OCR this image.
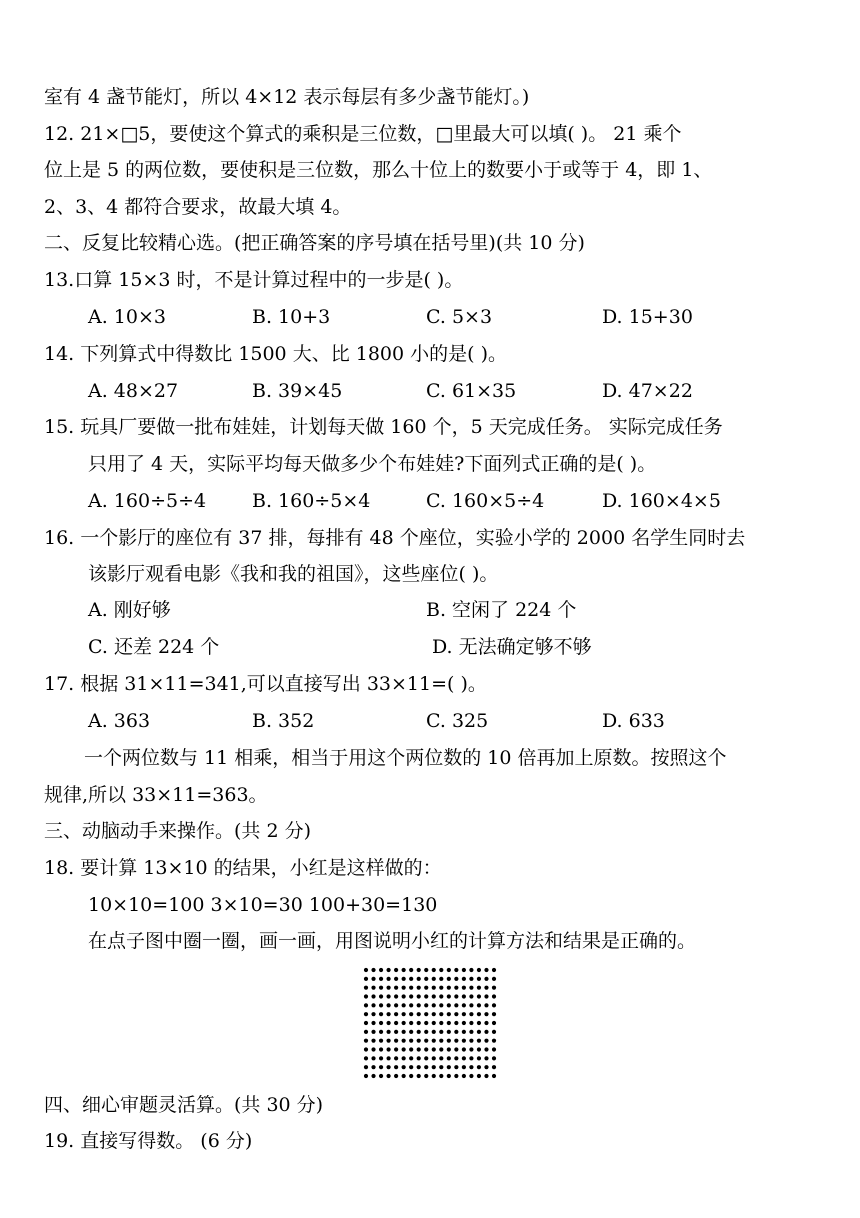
室有 4 盏节能灯，所以 4×12 表示每层有多少盏节能灯。)
12. 21×□5，要使这个算式的乘积是三位数，□里最大可以填( )。 21 乘个
位上是 5 的两位数，要使积是三位数，那么十位上的数要小于或等于 4，即 1、
2、3、4 都符合要求，故最大填 4。
二、反复比较精心选。(把正确答案的序号填在括号里)(共 10 分)
13.口算 15×3 时，不是计算过程中的一步是( )。
A. 10×3	B. 10+3	C. 5×3	D. 15+30
14. 下列算式中得数比 1500 大、比 1800 小的是( )。
A. 48×27	B. 39×45	C. 61×35	D. 47×22
15. 玩具厂要做一批布娃娃，计划每天做 160 个，5 天完成任务。 实际完成任务
只用了 4 天，实际平均每天做多少个布娃娃?下面列式正确的是( )。
A. 160÷5÷4 B. 160÷5×4	C. 160×5÷4	D. 160×4×5
16. 一个影厅的座位有 37 排，每排有 48 个座位，实验小学的 2000 名学生同时去
该影厅观看电影《我和我的祖国》，这些座位( )。
A. 刚好够	B. 空闲了 224 个
C. 还差 224 个	D. 无法确定够不够
17. 根据 31×11=341,可以直接写出 33×11=( )。
A. 363	B. 352	C. 325	D. 633
一个两位数与 11 相乘，相当于用这个两位数的 10 倍再加上原数。按照这个
规律,所以 33×11=363。
三、动脑动手来操作。(共 2 分)
18. 要计算 13×10 的结果，小红是这样做的：
10×10=100 3×10=30 100+30=130
在点子图中圈一圈，画一画，用图说明小红的计算方法和结果是正确的。
四、细心审题灵活算。(共 30 分)
19. 直接写得数。 (6 分)
